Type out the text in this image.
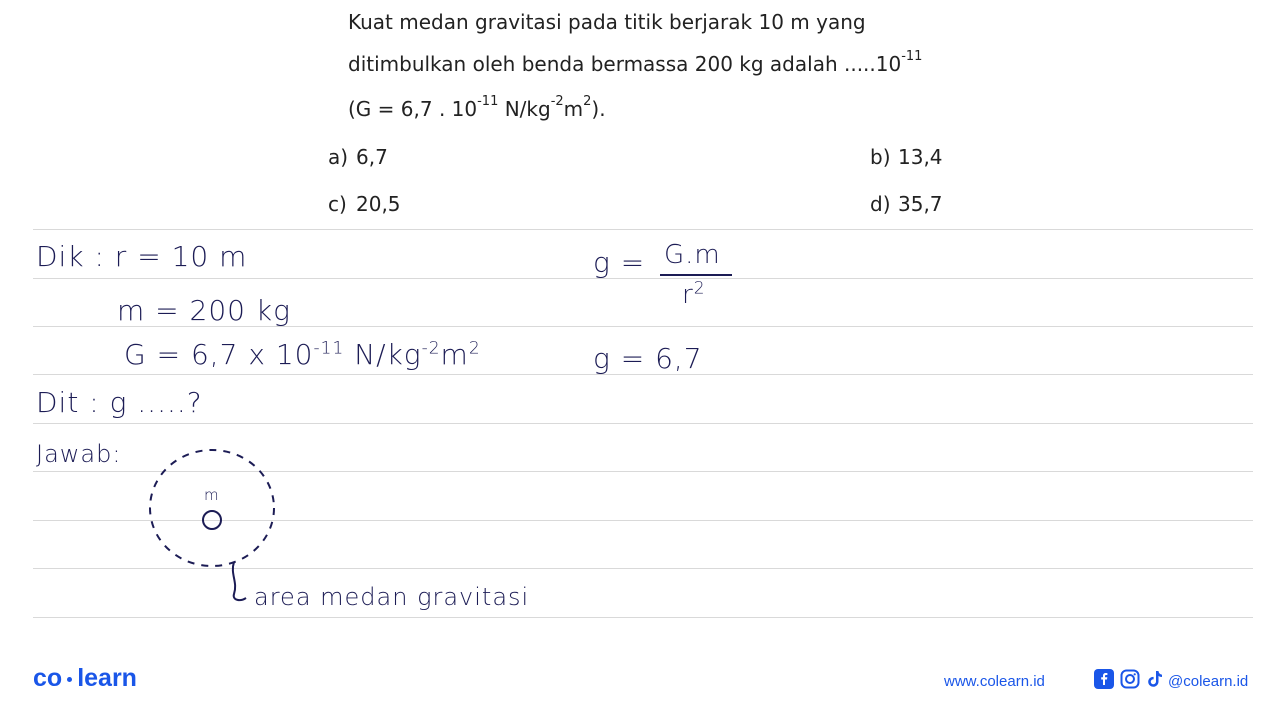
Kuat medan gravitasi pada titik berjarak 10 m yang
ditimbulkan oleh benda bermassa 200 kg adalah $.....10^{-11}$
(G = 6,7 . $10^{-11}$ $N/kg^{-2}m^2$).
a) 6,7	b) 13,4
c) 20,5	d) 35,7
Dik : r = 10 m
m = 200 kg
G = 6,7 x $10^{-11}$ $N/kg^{-2}m^2$
Dit : g .....?
Jawab:
m
area medan gravitasi
g = G.m
$r^2$
g = 6,7
co learn	www.colearn.id	@colearn.id
